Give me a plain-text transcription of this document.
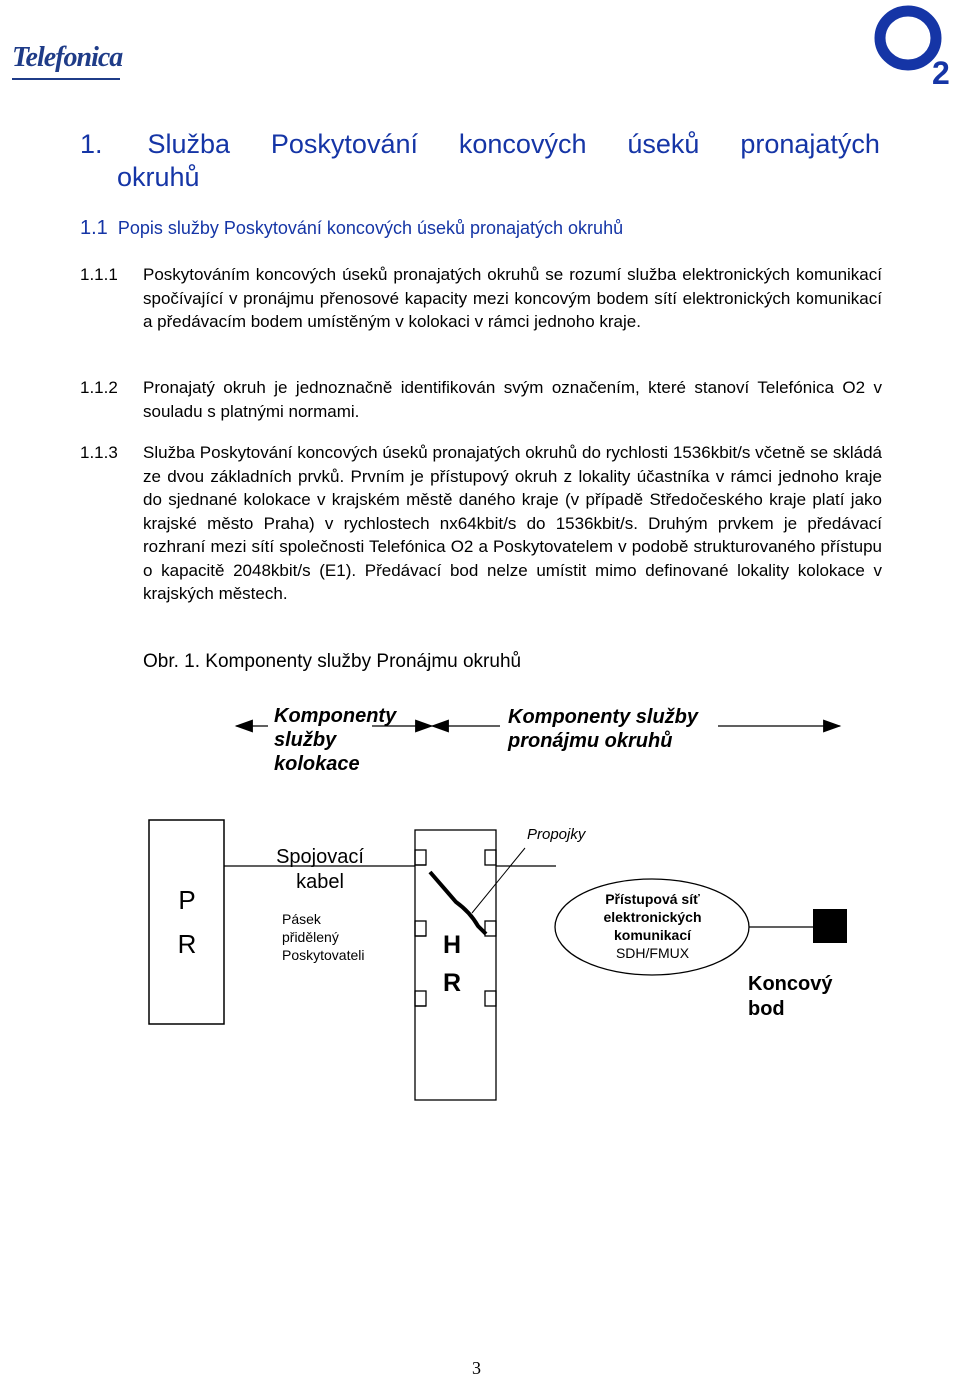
Telefonica	2
1. Služba Poskytování koncových úseků pronajatých
okruhů
1.1 Popis služby Poskytování koncových úseků pronajatých okruhů
1.1.1 Poskytováním koncových úseků pronajatých okruhů se rozumí služba elektronických komunikací spočívající v pronájmu přenosové kapacity mezi koncovým bodem sítí elektronických komunikací a předávacím bodem umístěným v kolokaci v rámci jednoho kraje.
1.1.2 Pronajatý okruh je jednoznačně identifikován svým označením, které stanoví Telefónica O2 v souladu s platnými normami.
1.1.3 Služba Poskytování koncových úseků pronajatých okruhů do rychlosti 1536kbit/s včetně se skládá ze dvou základních prvků. Prvním je přístupový okruh z lokality účastníka v rámci jednoho kraje do sjednané kolokace v krajském městě daného kraje (v případě Středočeského kraje platí jako krajské město Praha) v rychlostech nx64kbit/s do 1536kbit/s. Druhým prvkem je předávací rozhraní mezi sítí společnosti Telefónica O2 a Poskytovatelem v podobě strukturovaného přístupu o kapacitě 2048kbit/s (E1). Předávací bod nelze umístit mimo definované lokality kolokace v krajských městech.
Obr. 1. Komponenty služby Pronájmu okruhů
Komponenty
služby
kolokace
Komponenty služby
pronájmu okruhů
P
R
Spojovací
kabel
Pásek
přidělený
Poskytovateli	H
R
Propojky
Přístupová síť
elektronických
komunikací
SDH/FMUX
Koncový
bod
3
